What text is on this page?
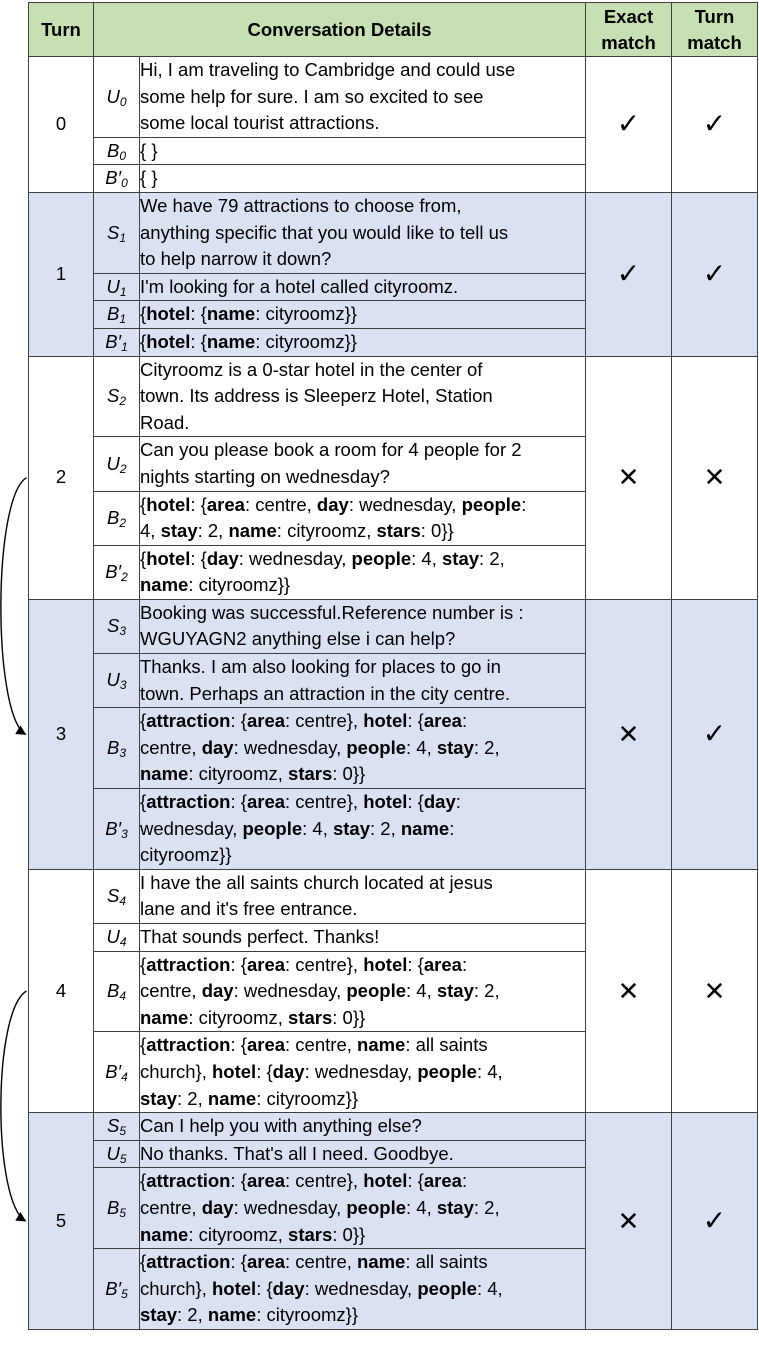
Turn	Conversation Details		Exact match	Turn match
0	$U_0$	Hi, I am traveling to Cambridge and could use
some help for sure. I am so excited to see
some local tourist attractions.	✓	✓
	$B_0$	{ }		

	$B'_0$	{ }		

1	$S_1$	We have 79 attractions to choose from,
anything specific that you would like to tell us
to help narrow it down?	✓	✓
	$U_1$	I'm looking for a hotel called cityroomz.		

	$B_1$	{hotel: {name: cityroomz}}		

	$B'_1$	{hotel: {name: cityroomz}}		

2	$S_2$	Cityroomz is a 0-star hotel in the center of
town. Its address is Sleeperz Hotel, Station
Road.	✕	✕
	$U_2$	Can you please book a room for 4 people for 2
nights starting on wednesday?		

	$B_2$	{hotel: {area: centre, day: wednesday, people:
4, stay: 2, name: cityroomz, stars: 0}}		

	$B'_2$	{hotel: {day: wednesday, people: 4, stay: 2,
name: cityroomz}}		

3	$S_3$	Booking was successful.Reference number is :
WGUYAGN2 anything else i can help?	✕	✓
	$U_3$	Thanks. I am also looking for places to go in
town. Perhaps an attraction in the city centre.		

	$B_3$	{attraction: {area: centre}, hotel: {area:
centre, day: wednesday, people: 4, stay: 2,
name: cityroomz, stars: 0}}		

	$B'_3$	{attraction: {area: centre}, hotel: {day:
wednesday, people: 4, stay: 2, name:
cityroomz}}		

4	$S_4$	I have the all saints church located at jesus
lane and it's free entrance.	✕	✕
	$U_4$	That sounds perfect. Thanks!		

	$B_4$	{attraction: {area: centre}, hotel: {area:
centre, day: wednesday, people: 4, stay: 2,
name: cityroomz, stars: 0}}		

	$B'_4$	{attraction: {area: centre, name: all saints
church}, hotel: {day: wednesday, people: 4,
stay: 2, name: cityroomz}}		

5	$S_5$	Can I help you with anything else?	✕	✓
	$U_5$	No thanks. That's all I need. Goodbye.		

	$B_5$	{attraction: {area: centre}, hotel: {area:
centre, day: wednesday, people: 4, stay: 2,
name: cityroomz, stars: 0}}		

	$B'_5$	{attraction: {area: centre, name: all saints
church}, hotel: {day: wednesday, people: 4,
stay: 2, name: cityroomz}}		
